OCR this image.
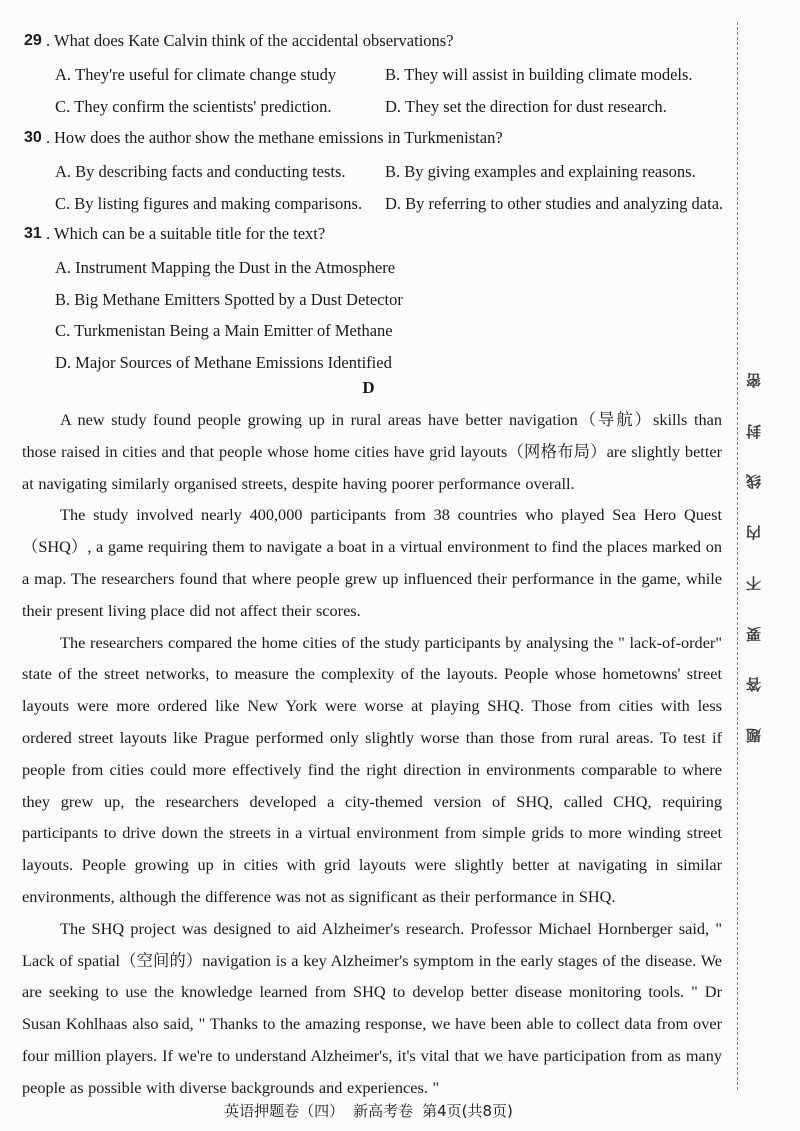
密
封
线
内
不
要
答
题
29 . What does Kate Calvin think of the accidental observations?
A. They're useful for climate change study	B. They will assist in building climate models.
C. They confirm the scientists' prediction.	D. They set the direction for dust research.
30 . How does the author show the methane emissions in Turkmenistan?
A. By describing facts and conducting tests. B. By giving examples and explaining reasons.
C. By listing figures and making comparisons. D. By referring to other studies and analyzing data.
31 . Which can be a suitable title for the text?
A. Instrument Mapping the Dust in the Atmosphere
B. Big Methane Emitters Spotted by a Dust Detector
C. Turkmenistan Being a Main Emitter of Methane
D. Major Sources of Methane Emissions Identified
D

A new study found people growing up in rural areas have better navigation（导航）skills than those raised in cities and that people whose home cities have grid layouts（网格布局）are slightly better at navigating similarly organised streets, despite having poorer performance overall.

The study involved nearly 400,000 participants from 38 countries who played Sea Hero Quest（SHQ）, a game requiring them to navigate a boat in a virtual environment to find the places marked on a map. The researchers found that where people grew up influenced their performance in the game, while their present living place did not affect their scores.

The researchers compared the home cities of the study participants by analysing the " lack-of-order" state of the street networks, to measure the complexity of the layouts. People whose hometowns' street layouts were more ordered like New York were worse at playing SHQ. Those from cities with less ordered street layouts like Prague performed only slightly worse than those from rural areas. To test if people from cities could more effectively find the right direction in environments comparable to where they grew up, the researchers developed a city-themed version of SHQ, called CHQ, requiring participants to drive down the streets in a virtual environment from simple grids to more winding street layouts. People growing up in cities with grid layouts were slightly better at navigating in similar environments, although the difference was not as significant as their performance in SHQ.

The SHQ project was designed to aid Alzheimer's research. Professor Michael Hornberger said, " Lack of spatial（空间的）navigation is a key Alzheimer's symptom in the early stages of the disease. We are seeking to use the knowledge learned from SHQ to develop better disease monitoring tools. " Dr Susan Kohlhaas also said, " Thanks to the amazing response, we have been able to collect data from over four million players. If we're to understand Alzheimer's, it's vital that we have participation from as many people as possible with diverse backgrounds and experiences. "

英语押题卷（四） 新高考卷 第4页(共8页)
